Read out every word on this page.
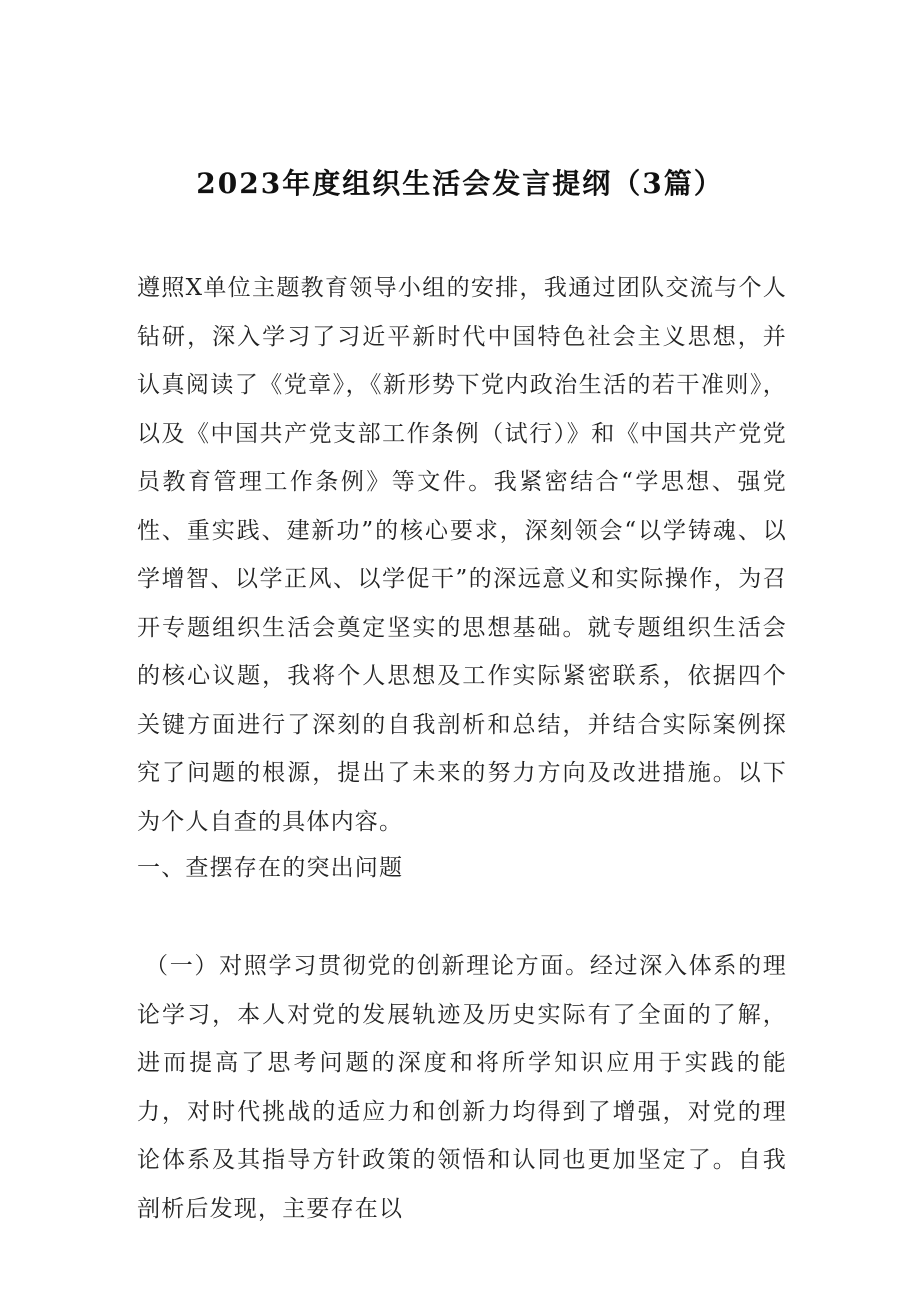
2023年度组织生活会发言提纲（3篇）

遵照X单位主题教育领导小组的安排，我通过团队交流与个人钻研，深入学习了习近平新时代中国特色社会主义思想，并认真阅读了《党章》，《新形势下党内政治生活的若干准则》，以及《中国共产党支部工作条例（试行）》和《中国共产党党员教育管理工作条例》等文件。我紧密结合“学思想、强党性、重实践、建新功”的核心要求，深刻领会“以学铸魂、以学增智、以学正风、以学促干”的深远意义和实际操作，为召开专题组织生活会奠定坚实的思想基础。就专题组织生活会的核心议题，我将个人思想及工作实际紧密联系，依据四个关键方面进行了深刻的自我剖析和总结，并结合实际案例探究了问题的根源，提出了未来的努力方向及改进措施。以下为个人自查的具体内容。

一、查摆存在的突出问题

（一）对照学习贯彻党的创新理论方面。经过深入体系的理论学习，本人对党的发展轨迹及历史实际有了全面的了解，进而提高了思考问题的深度和将所学知识应用于实践的能力，对时代挑战的适应力和创新力均得到了增强，对党的理论体系及其指导方针政策的领悟和认同也更加坚定了。自我剖析后发现，主要存在以
